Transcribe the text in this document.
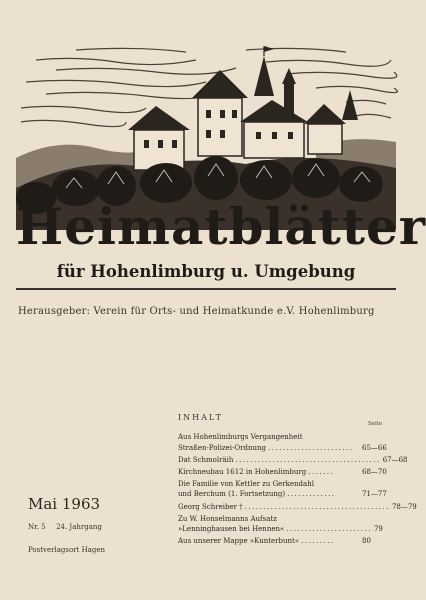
Heimatblätter
für Hohenlimburg u. Umgebung
Herausgeber: Verein für Orts- und Heimatkunde e.V. Hohenlimburg
INHALT
Seite
Aus Hohenlimburgs Vergangenheit
Straßen-Polizei-Ordnung .......................	65—66
Dat Schmolräih ....................................... 67—68
Kirchneubau 1612 in Hohenlimburg .......	68—70
Die Familie von Kettler zu Gerkendahl
und Berchum (1. Fortsetzung) .............	71—77
Georg Schreiber † ....................................... 78—79
Zu W. Honselmanns Aufsatz
»Lenninghausen bei Hennen« ....................... 79
Aus unserer Mappe »Kunterbunt« .........	80
Mai 1963
Nr. 5 24. Jahrgang
Postverlagsort Hagen
